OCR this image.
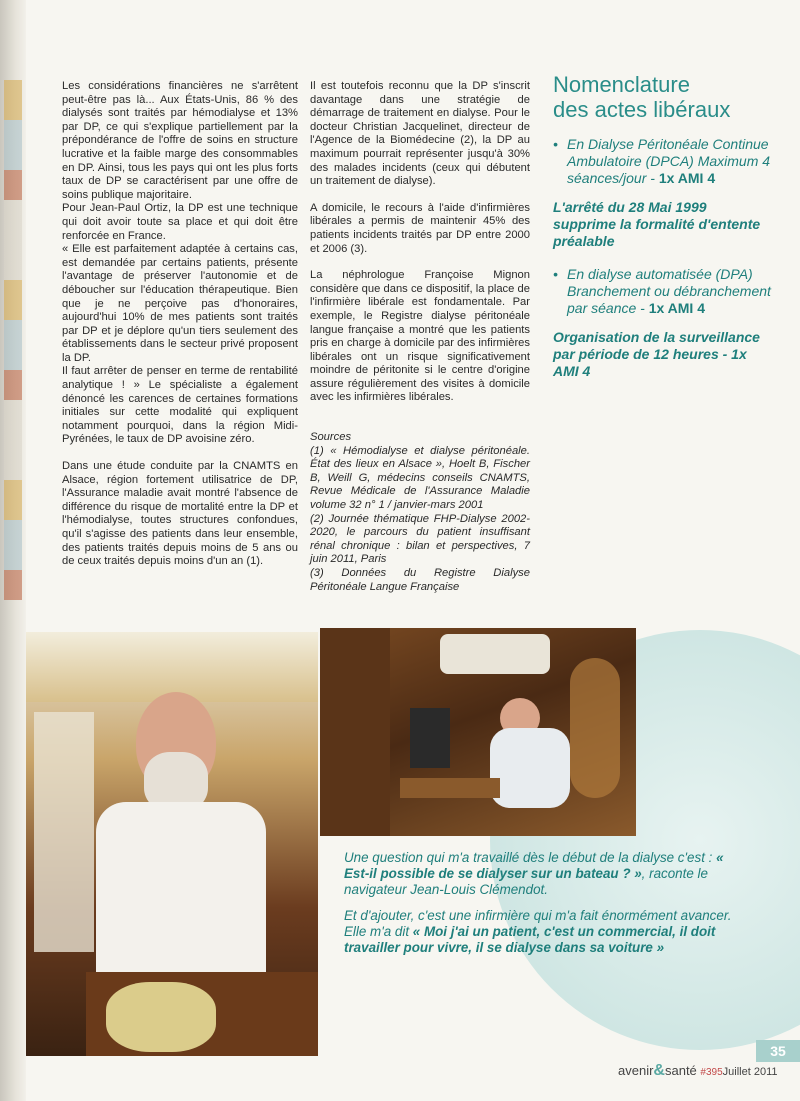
Les considérations financières ne s'arrêtent peut-être pas là... Aux États-Unis, 86 % des dialysés sont traités par hémodialyse et 13% par DP, ce qui s'explique partiellement par la prépondérance de l'offre de soins en structure lucrative et la faible marge des consommables en DP. Ainsi, tous les pays qui ont les plus forts taux de DP se caractérisent par une offre de soins publique majoritaire.

Pour Jean-Paul Ortiz, la DP est une technique qui doit avoir toute sa place et qui doit être renforcée en France.

« Elle est parfaitement adaptée à certains cas, est demandée par certains patients, présente l'avantage de préserver l'autonomie et de déboucher sur l'éducation thérapeutique. Bien que je ne perçoive pas d'honoraires, aujourd'hui 10% de mes patients sont traités par DP et je déplore qu'un tiers seulement des établissements dans le secteur privé proposent la DP.

Il faut arrêter de penser en terme de rentabilité analytique ! » Le spécialiste a également dénoncé les carences de certaines formations initiales sur cette modalité qui expliquent notamment pourquoi, dans la région Midi-Pyrénées, le taux de DP avoisine zéro.

Dans une étude conduite par la CNAMTS en Alsace, région fortement utilisatrice de DP, l'Assurance maladie avait montré l'absence de différence du risque de mortalité entre la DP et l'hémodialyse, toutes structures confondues, qu'il s'agisse des patients dans leur ensemble, des patients traités depuis moins de 5 ans ou de ceux traités depuis moins d'un an (1).

Il est toutefois reconnu que la DP s'inscrit davantage dans une stratégie de démarrage de traitement en dialyse. Pour le docteur Christian Jacquelinet, directeur de l'Agence de la Biomédecine (2), la DP au maximum pourrait représenter jusqu'à 30% des malades incidents (ceux qui débutent un traitement de dialyse).

A domicile, le recours à l'aide d'infirmières libérales a permis de maintenir 45% des patients incidents traités par DP entre 2000 et 2006 (3).

La néphrologue Françoise Mignon considère que dans ce dispositif, la place de l'infirmière libérale est fondamentale. Par exemple, le Registre dialyse péritonéale langue française a montré que les patients pris en charge à domicile par des infirmières libérales ont un risque significativement moindre de péritonite si le centre d'origine assure régulièrement des visites à domicile avec les infirmières libérales.

Sources

(1) « Hémodialyse et dialyse péritonéale. État des lieux en Alsace », Hoelt B, Fischer B, Weill G, médecins conseils CNAMTS, Revue Médicale de l'Assurance Maladie volume 32 n° 1 / janvier-mars 2001

(2) Journée thématique FHP-Dialyse 2002-2020, le parcours du patient insuffisant rénal chronique : bilan et perspectives, 7 juin 2011, Paris

(3) Données du Registre Dialyse Péritonéale Langue Française

Nomenclature
des actes libéraux
• En Dialyse Péritonéale Continue Ambulatoire (DPCA) Maximum 4 séances/jour - 1x AMI 4
L'arrêté du 28 Mai 1999 supprime la formalité d'entente préalable
• En dialyse automatisée (DPA) Branchement ou débranchement par séance - 1x AMI 4
Organisation de la surveillance par période de 12 heures - 1x AMI 4

Une question qui m'a travaillé dès le début de la dialyse c'est : « Est-il possible de se dialyser sur un bateau ? », raconte le navigateur Jean-Louis Clémendot.

Et d'ajouter, c'est une infirmière qui m'a fait énormément avancer.

Elle m'a dit « Moi j'ai un patient, c'est un commercial, il doit travailler pour vivre, il se dialyse dans sa voiture »

35
avenir&santé #395Juillet 2011
